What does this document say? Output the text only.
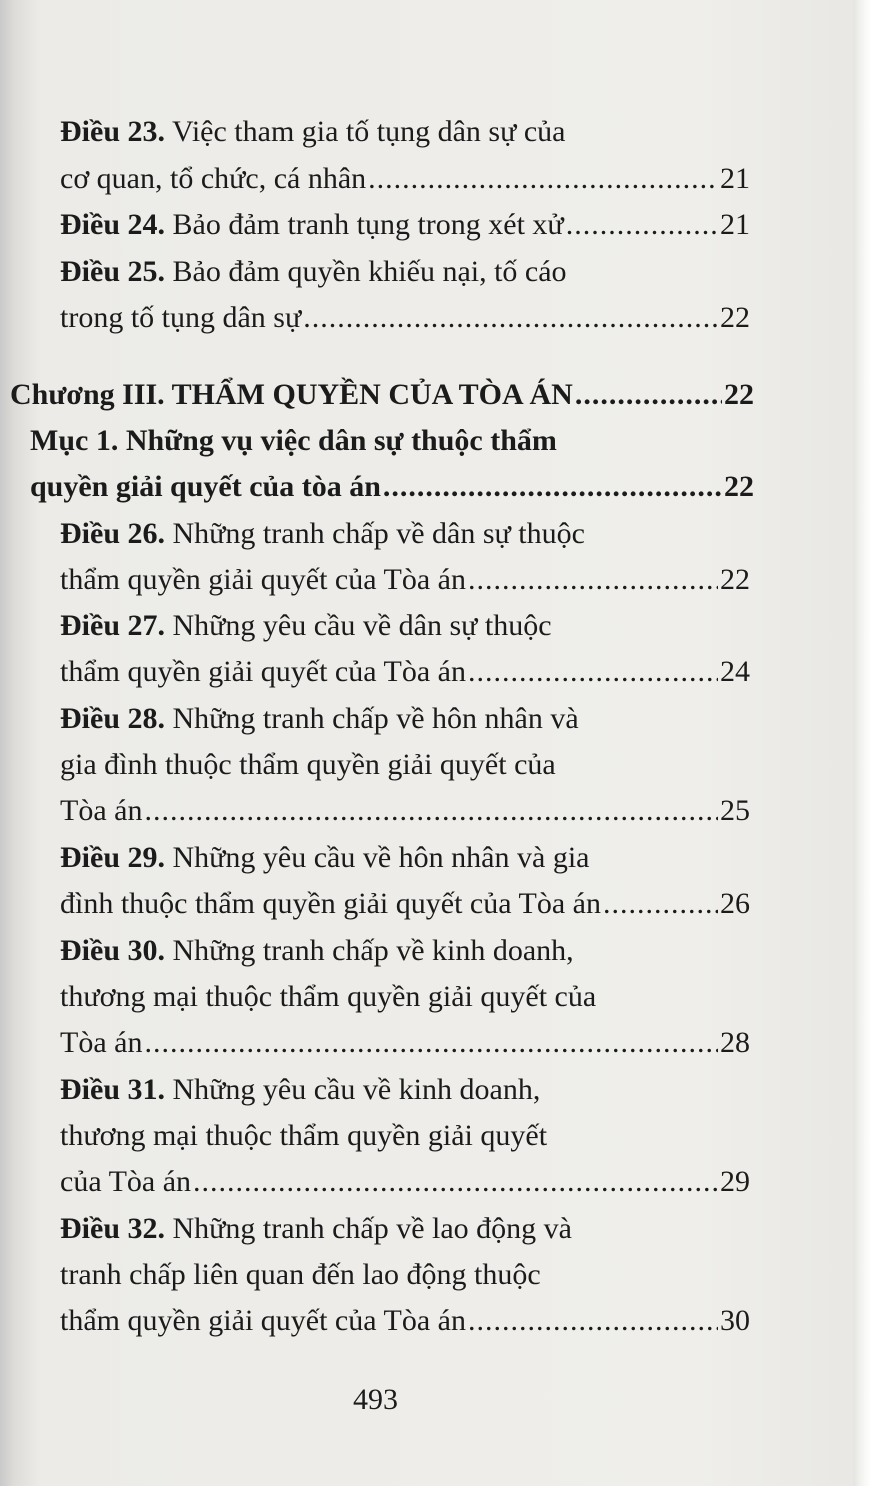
Điều 23. Việc tham gia tố tụng dân sự của
cơ quan, tổ chức, cá nhân .....	21
Điều 24. Bảo đảm tranh tụng trong xét xử .....	21
Điều 25. Bảo đảm quyền khiếu nại, tố cáo
trong tố tụng dân sự .....	22
Chương III. THẨM QUYỀN CỦA TÒA ÁN .....	22
Mục 1. Những vụ việc dân sự thuộc thẩm
quyền giải quyết của tòa án .....	22
Điều 26. Những tranh chấp về dân sự thuộc
thẩm quyền giải quyết của Tòa án .....	22
Điều 27. Những yêu cầu về dân sự thuộc
thẩm quyền giải quyết của Tòa án .....	24
Điều 28. Những tranh chấp về hôn nhân và
gia đình thuộc thẩm quyền giải quyết của
Tòa án .....	25
Điều 29. Những yêu cầu về hôn nhân và gia
đình thuộc thẩm quyền giải quyết của Tòa án .....	26
Điều 30. Những tranh chấp về kinh doanh,
thương mại thuộc thẩm quyền giải quyết của
Tòa án .....	28
Điều 31. Những yêu cầu về kinh doanh,
thương mại thuộc thẩm quyền giải quyết
của Tòa án .....	29
Điều 32. Những tranh chấp về lao động và
tranh chấp liên quan đến lao động thuộc
thẩm quyền giải quyết của Tòa án .....	30
493
